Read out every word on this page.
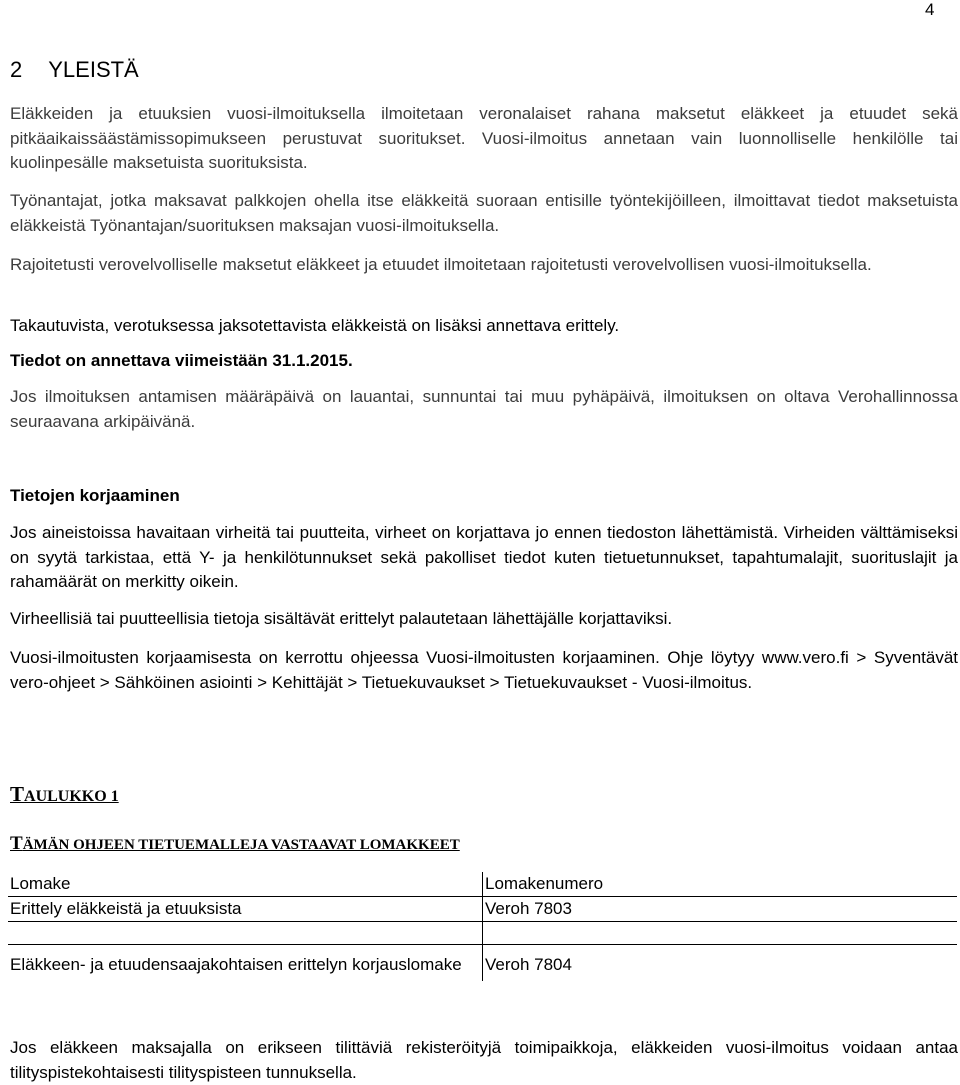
4
2 YLEISTÄ

Eläkkeiden ja etuuksien vuosi-ilmoituksella ilmoitetaan veronalaiset rahana maksetut eläkkeet ja etuudet sekä pitkäaikaissäästämissopimukseen perustuvat suoritukset. Vuosi-ilmoitus annetaan vain luonnolliselle henkilölle tai kuolinpesälle maksetuista suorituksista.

Työnantajat, jotka maksavat palkkojen ohella itse eläkkeitä suoraan entisille työntekijöilleen, ilmoittavat tiedot maksetuista eläkkeistä Työnantajan/suorituksen maksajan vuosi-ilmoituksella.

Rajoitetusti verovelvolliselle maksetut eläkkeet ja etuudet ilmoitetaan rajoitetusti verovelvollisen vuosi-ilmoituksella.

Takautuvista, verotuksessa jaksotettavista eläkkeistä on lisäksi annettava erittely.

Tiedot on annettava viimeistään 31.1.2015.

Jos ilmoituksen antamisen määräpäivä on lauantai, sunnuntai tai muu pyhäpäivä, ilmoituksen on oltava Verohallinnossa seuraavana arkipäivänä.

Tietojen korjaaminen

Jos aineistoissa havaitaan virheitä tai puutteita, virheet on korjattava jo ennen tiedoston lähettämistä. Virheiden välttämiseksi on syytä tarkistaa, että Y- ja henkilötunnukset sekä pakolliset tiedot kuten tietuetunnukset, tapahtumalajit, suorituslajit ja rahamäärät on merkitty oikein.

Virheellisiä tai puutteellisia tietoja sisältävät erittelyt palautetaan lähettäjälle korjattaviksi.

Vuosi-ilmoitusten korjaamisesta on kerrottu ohjeessa Vuosi-ilmoitusten korjaaminen. Ohje löytyy www.vero.fi > Syventävät vero-ohjeet > Sähköinen asiointi > Kehittäjät > Tietuekuvaukset > Tietuekuvaukset - Vuosi-ilmoitus.

TAULUKKO 1
TÄMÄN OHJEEN TIETUEMALLEJA VASTAAVAT LOMAKKEET
Lomake	Lomakenumero
Erittely eläkkeistä ja etuuksista	Veroh 7803

Eläkkeen- ja etuudensaajakohtaisen erittelyn korjauslomake	Veroh 7804

Jos eläkkeen maksajalla on erikseen tilittäviä rekisteröityjä toimipaikkoja, eläkkeiden vuosi-ilmoitus voidaan antaa tilityspistekohtaisesti tilityspisteen tunnuksella.
